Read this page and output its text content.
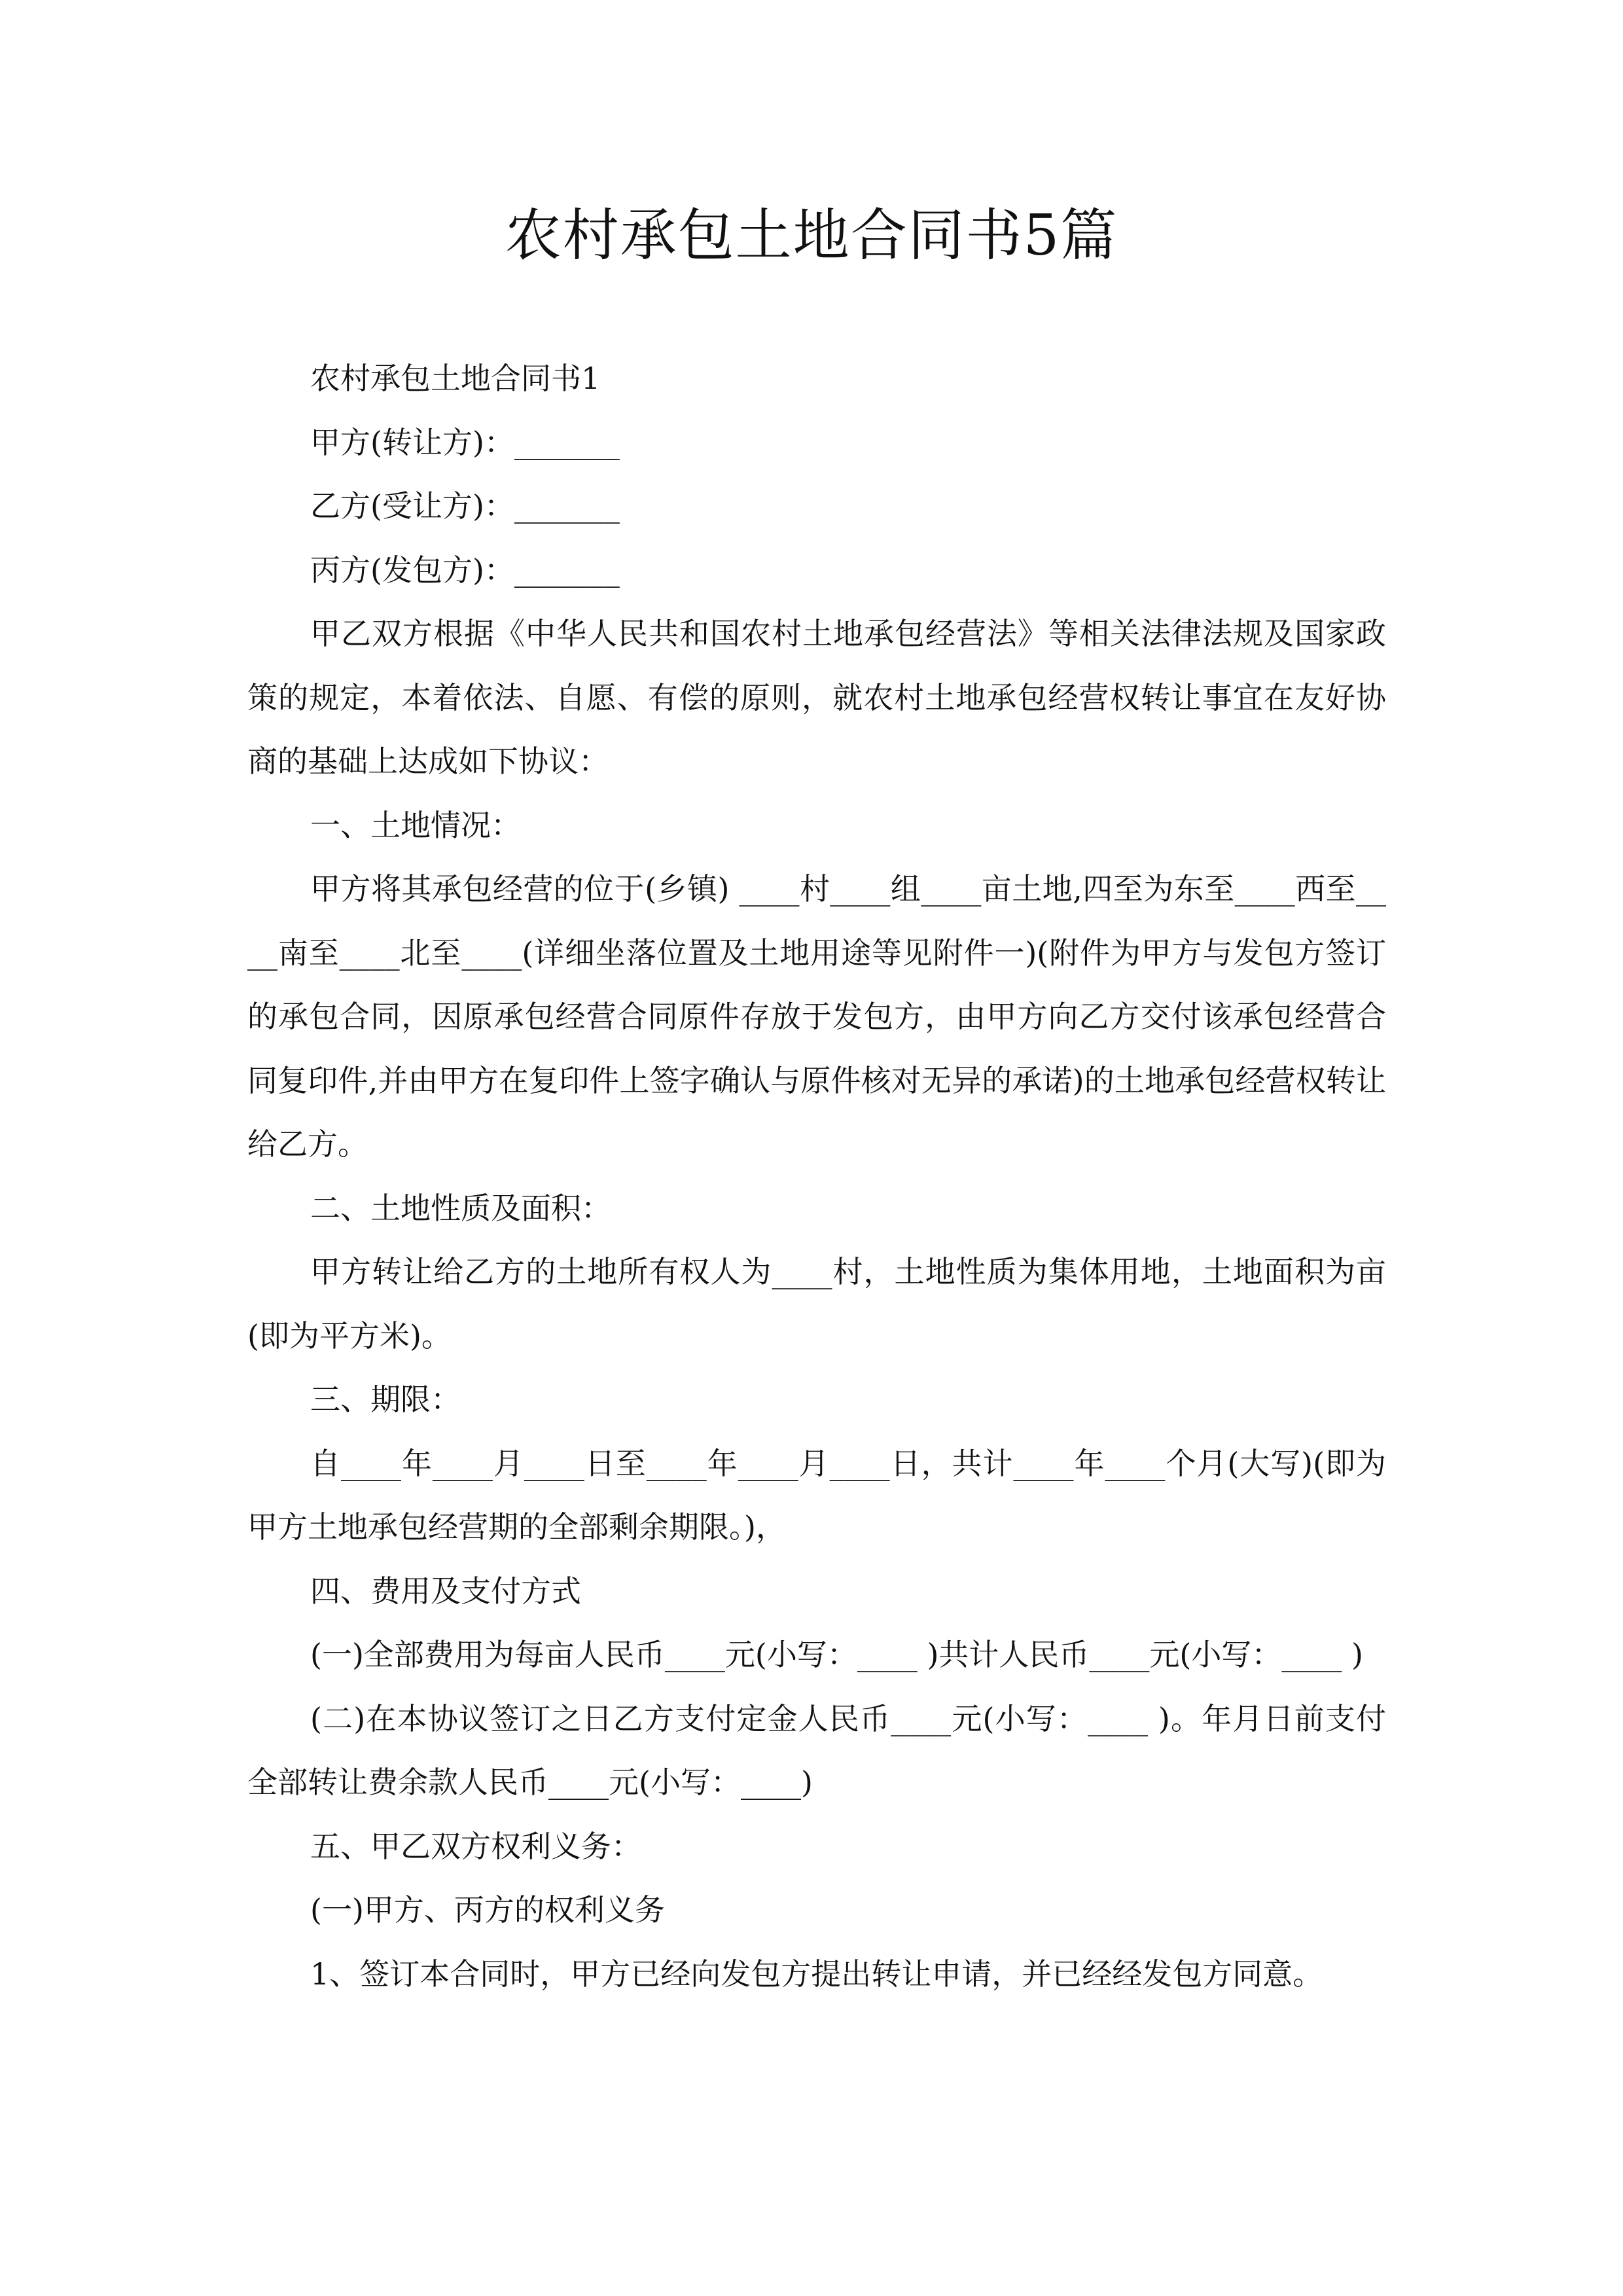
农村承包土地合同书5篇

农村承包土地合同书1

甲方(转让方)：_______

乙方(受让方)：_______

丙方(发包方)：_______

甲乙双方根据《中华人民共和国农村土地承包经营法》等相关法律法规及国家政策的规定，本着依法、自愿、有偿的原则，就农村土地承包经营权转让事宜在友好协商的基础上达成如下协议：

一、土地情况：

甲方将其承包经营的位于(乡镇) ____村____组____亩土地,四至为东至____西至____南至____北至____(详细坐落位置及土地用途等见附件一)(附件为甲方与发包方签订的承包合同，因原承包经营合同原件存放于发包方，由甲方向乙方交付该承包经营合同复印件,并由甲方在复印件上签字确认与原件核对无异的承诺)的土地承包经营权转让给乙方。

二、土地性质及面积：

甲方转让给乙方的土地所有权人为____村，土地性质为集体用地，土地面积为亩(即为平方米)。

三、期限：

自____年____月____日至____年____月____日，共计____年____个月(大写)(即为甲方土地承包经营期的全部剩余期限。)，

四、费用及支付方式

(一)全部费用为每亩人民币____元(小写：____ )共计人民币____元(小写：____ )

(二)在本协议签订之日乙方支付定金人民币____元(小写：____ )。年月日前支付全部转让费余款人民币____元(小写：____)

五、甲乙双方权利义务：

(一)甲方、丙方的权利义务

1、签订本合同时，甲方已经向发包方提出转让申请，并已经经发包方同意。
